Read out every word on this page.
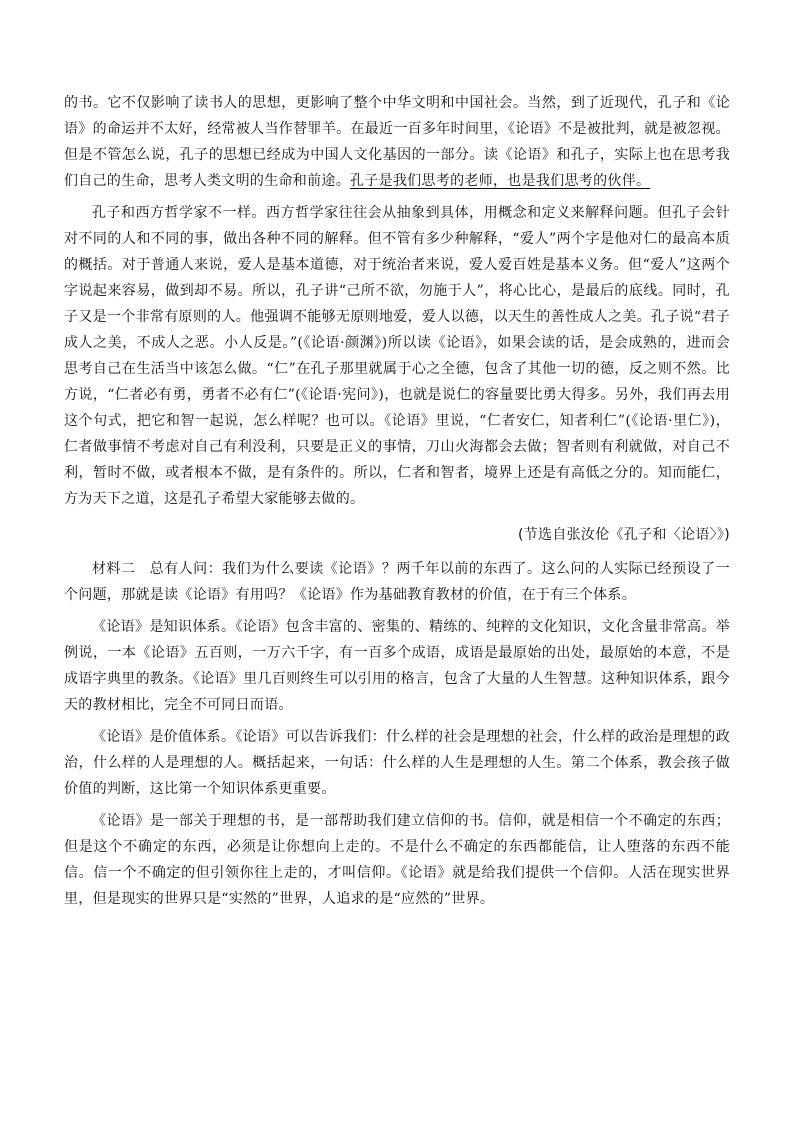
的书。它不仅影响了读书人的思想，更影响了整个中华文明和中国社会。当然，到了近现代，孔子和《论语》的命运并不太好，经常被人当作替罪羊。在最近一百多年时间里，《论语》不是被批判，就是被忽视。但是不管怎么说，孔子的思想已经成为中国人文化基因的一部分。读《论语》和孔子，实际上也在思考我们自己的生命，思考人类文明的生命和前途。孔子是我们思考的老师，也是我们思考的伙伴。

孔子和西方哲学家不一样。西方哲学家往往会从抽象到具体，用概念和定义来解释问题。但孔子会针对不同的人和不同的事，做出各种不同的解释。但不管有多少种解释，“爱人”两个字是他对仁的最高本质的概括。对于普通人来说，爱人是基本道德，对于统治者来说，爱人爱百姓是基本义务。但“爱人”这两个字说起来容易，做到却不易。所以，孔子讲“己所不欲，勿施于人”，将心比心，是最后的底线。同时，孔子又是一个非常有原则的人。他强调不能够无原则地爱，爱人以德，以天生的善性成人之美。孔子说“君子成人之美，不成人之恶。小人反是。”(《论语·颜渊》)所以读《论语》，如果会读的话，是会成熟的，进而会思考自己在生活当中该怎么做。“仁”在孔子那里就属于心之全德，包含了其他一切的德，反之则不然。比方说，“仁者必有勇，勇者不必有仁”(《论语·宪问》)，也就是说仁的容量要比勇大得多。另外，我们再去用这个句式，把它和智一起说，怎么样呢？也可以。《论语》里说，“仁者安仁，知者利仁”(《论语·里仁》)，仁者做事情不考虑对自己有利没利，只要是正义的事情，刀山火海都会去做；智者则有利就做，对自己不利，暂时不做，或者根本不做，是有条件的。所以，仁者和智者，境界上还是有高低之分的。知而能仁，方为天下之道，这是孔子希望大家能够去做的。

(节选自张汝伦《孔子和〈论语〉》)

材料二 总有人问：我们为什么要读《论语》？两千年以前的东西了。这么问的人实际已经预设了一个问题，那就是读《论语》有用吗？《论语》作为基础教育教材的价值，在于有三个体系。

《论语》是知识体系。《论语》包含丰富的、密集的、精练的、纯粹的文化知识，文化含量非常高。举例说，一本《论语》五百则，一万六千字，有一百多个成语，成语是最原始的出处，最原始的本意，不是成语字典里的教条。《论语》里几百则终生可以引用的格言，包含了大量的人生智慧。这种知识体系，跟今天的教材相比，完全不可同日而语。

《论语》是价值体系。《论语》可以告诉我们：什么样的社会是理想的社会，什么样的政治是理想的政治，什么样的人是理想的人。概括起来，一句话：什么样的人生是理想的人生。第二个体系，教会孩子做价值的判断，这比第一个知识体系更重要。

《论语》是一部关于理想的书，是一部帮助我们建立信仰的书。信仰，就是相信一个不确定的东西；但是这个不确定的东西，必须是让你想向上走的。不是什么不确定的东西都能信，让人堕落的东西不能信。信一个不确定的但引领你往上走的，才叫信仰。《论语》就是给我们提供一个信仰。人活在现实世界里，但是现实的世界只是“实然的”世界，人追求的是“应然的”世界。
